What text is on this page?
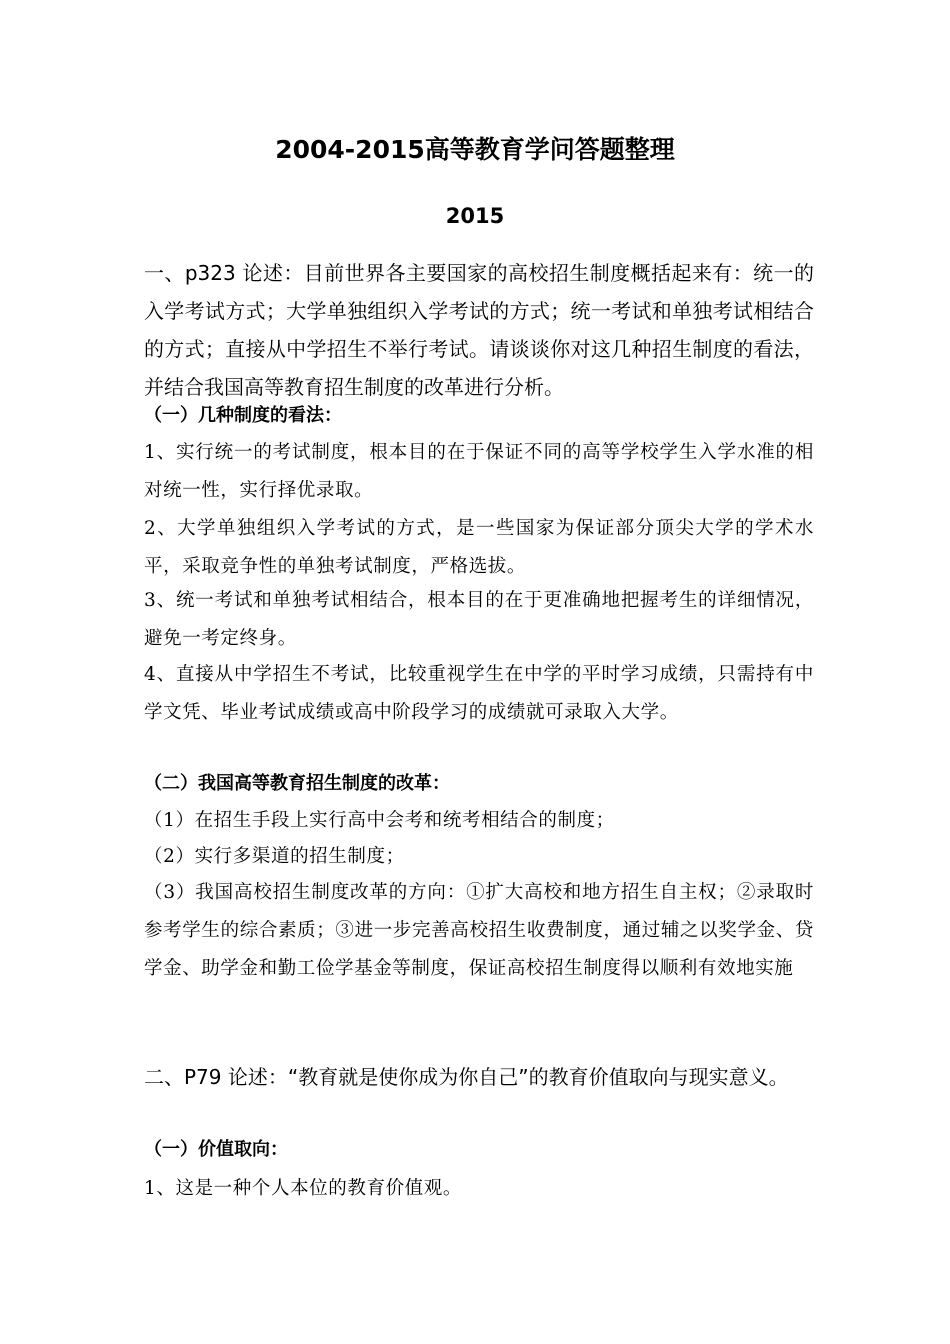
2004-2015高等教育学问答题整理
2015

一、p323 论述：目前世界各主要国家的高校招生制度概括起来有：统一的入学考试方式；大学单独组织入学考试的方式；统一考试和单独考试相结合的方式；直接从中学招生不举行考试。请谈谈你对这几种招生制度的看法，并结合我国高等教育招生制度的改革进行分析。

（一）几种制度的看法：

1、实行统一的考试制度，根本目的在于保证不同的高等学校学生入学水准的相对统一性，实行择优录取。

2、大学单独组织入学考试的方式，是一些国家为保证部分顶尖大学的学术水平，采取竞争性的单独考试制度，严格选拔。

3、统一考试和单独考试相结合，根本目的在于更准确地把握考生的详细情况，避免一考定终身。

4、直接从中学招生不考试，比较重视学生在中学的平时学习成绩，只需持有中学文凭、毕业考试成绩或高中阶段学习的成绩就可录取入大学。

（二）我国高等教育招生制度的改革：

（1）在招生手段上实行高中会考和统考相结合的制度；

（2）实行多渠道的招生制度；

（3）我国高校招生制度改革的方向：①扩大高校和地方招生自主权；②录取时参考学生的综合素质；③进一步完善高校招生收费制度，通过辅之以奖学金、贷学金、助学金和勤工俭学基金等制度，保证高校招生制度得以顺利有效地实施

二、P79 论述：“教育就是使你成为你自己”的教育价值取向与现实意义。

（一）价值取向：

1、这是一种个人本位的教育价值观。
